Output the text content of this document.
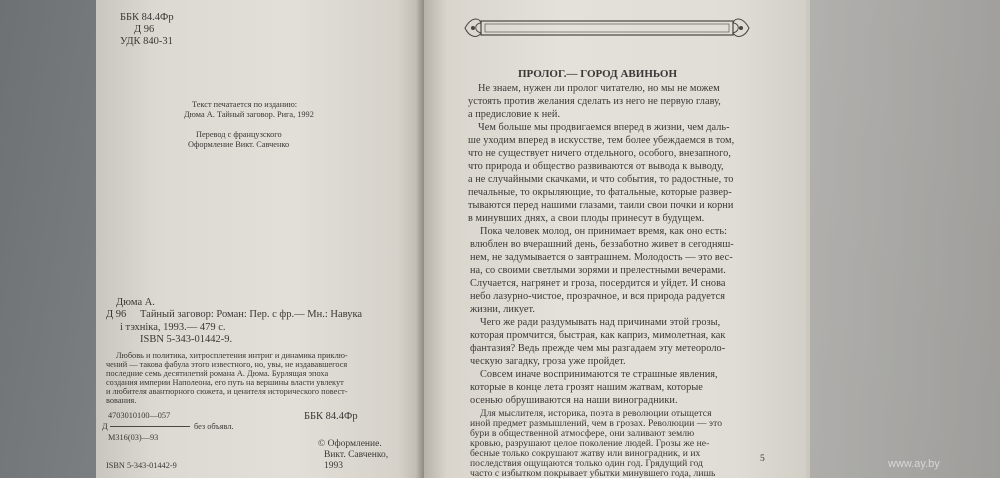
ББК 84.4Фр
Д 96
УДК 840-31
Текст печатается по изданию:
Дюма А. Тайный заговор. Рига, 1992
Перевод с французского
Оформление Викт. Савченко
Дюма А.
Д 96 Тайный заговор: Роман: Пер. с фр.— Мн.: Навука
і тэхніка, 1993.— 479 с.
ISBN 5-343-01442-9.
Любовь и политика, хитросплетения интриг и динамика приклю-
чений — такова фабула этого известного, но, увы, не издававшегося
последние семь десятилетий романа А. Дюма. Бурлящая эпоха
создания империи Наполеона, его путь на вершины власти увлекут
и любителя авантюрного сюжета, и ценителя исторического повест-
вования.
4703010100—057
Д	без объявл.
М316(03)—93
ББК 84.4Фр
© Оформление.
Викт. Савченко,
1993
ISBN 5-343-01442-9
ПРОЛОГ.— ГОРОД АВИНЬОН
Не знаем, нужен ли пролог читателю, но мы не можем
устоять против желания сделать из него не первую главу,
а предисловие к ней.
Чем больше мы продвигаемся вперед в жизни, чем даль-
ше уходим вперед в искусстве, тем более убеждаемся в том,
что не существует ничего отдельного, особого, внезапного,
что природа и общество развиваются от вывода к выводу,
а не случайными скачками, и что события, то радостные, то
печальные, то окрыляющие, то фатальные, которые развер-
тываются перед нашими глазами, таили свои почки и корни
в минувших днях, а свои плоды принесут в будущем.
Пока человек молод, он принимает время, как оно есть:
влюблен во вчерашний день, беззаботно живет в сегодняш-
нем, не задумывается о завтрашнем. Молодость — это вес-
на, со своими светлыми зорями и прелестными вечерами.
Случается, нагрянет и гроза, посердится и уйдет. И снова
небо лазурно-чистое, прозрачное, и вся природа радуется
жизни, ликует.
Чего же ради раздумывать над причинами этой грозы,
которая промчится, быстрая, как каприз, мимолетная, как
фантазия? Ведь прежде чем мы разгадаем эту метеороло-
ческую загадку, гроза уже пройдет.
Совсем иначе воспринимаются те страшные явления,
которые в конце лета грозят нашим жатвам, которые
осенью обрушиваются на наши виноградники.
Для мыслителя, историка, поэта в революции отыщется
иной предмет размышлений, чем в грозах. Революции — это
бури в общественной атмосфере, они заливают землю
кровью, разрушают целое поколение людей. Грозы же не-
бесные только сокрушают жатву или виноградник, и их
последствия ощущаются только один год. Грядущий год
часто с избытком покрывает убытки минувшего года, лишь
5	www.ay.by
